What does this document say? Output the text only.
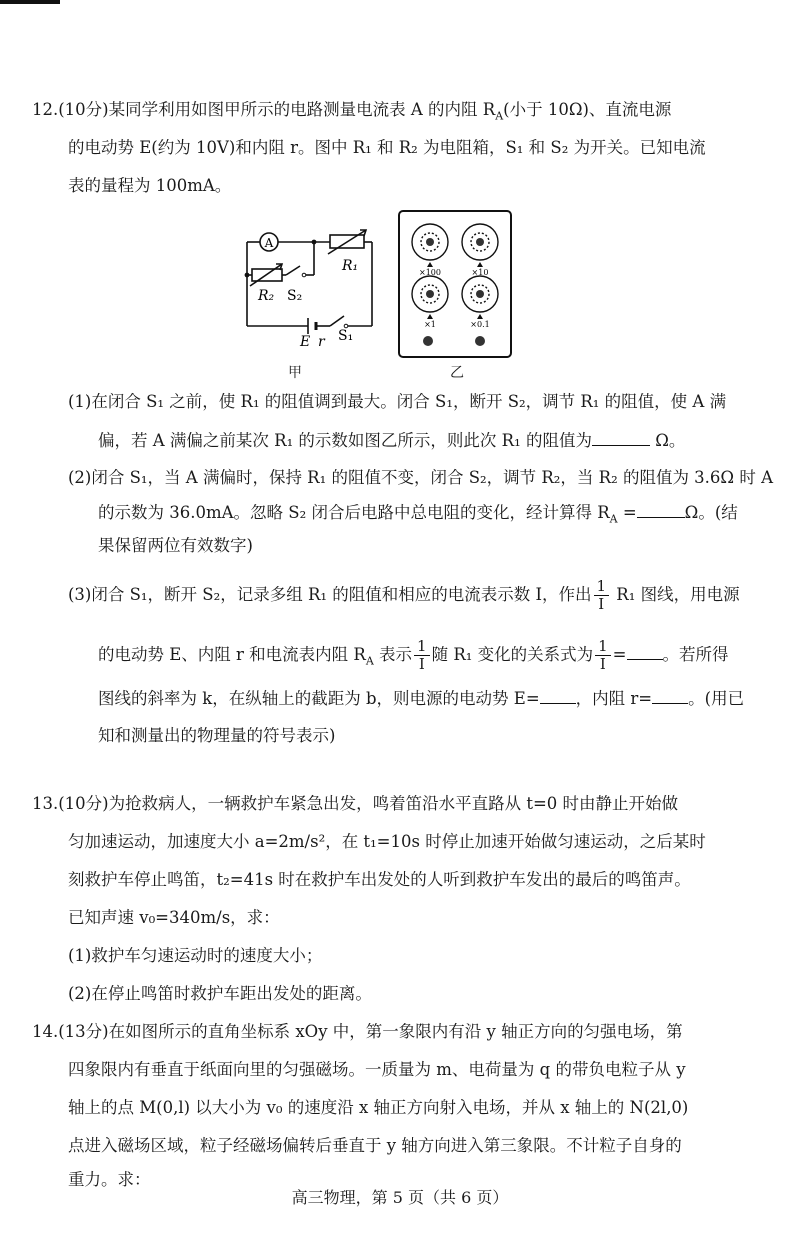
12.(10分)某同学利用如图甲所示的电路测量电流表 A 的内阻 $R_A$(小于 10Ω)、直流电源
的电动势 E(约为 10V)和内阻 r。图中 R₁ 和 R₂ 为电阻箱，S₁ 和 S₂ 为开关。已知电流
表的量程为 100mA。
A
R₁
R₂ S₂
E r S₁
甲
×100	×10
×1	×0.1
乙
(1)在闭合 S₁ 之前，使 R₁ 的阻值调到最大。闭合 S₁，断开 S₂，调节 R₁ 的阻值，使 A 满
偏，若 A 满偏之前某次 R₁ 的示数如图乙所示，则此次 R₁ 的阻值为	Ω。
(2)闭合 S₁，当 A 满偏时，保持 R₁ 的阻值不变，闭合 S₂，调节 R₂，当 R₂ 的阻值为 3.6Ω 时 A
的示数为 36.0mA。忽略 S₂ 闭合后电路中总电阻的变化，经计算得 $R_A$ =	Ω。(结
果保留两位有效数字)
(3)闭合 S₁，断开 S₂，记录多组 R₁ 的阻值和相应的电流表示数 I，作出 $\frac{1}{I} R_1$ 图线，用电源
的电动势 E、内阻 r 和电流表内阻 $R_A$ 表示 $\frac{1}{I}$ 随 R₁ 变化的关系式为 $\frac{1}{I}$ = 。若所得
图线的斜率为 k，在纵轴上的截距为 b，则电源的电动势 E= ，内阻 r= 。(用已
知和测量出的物理量的符号表示)
13.(10分)为抢救病人，一辆救护车紧急出发，鸣着笛沿水平直路从 t=0 时由静止开始做
匀加速运动，加速度大小 a=2m/s²，在 t₁=10s 时停止加速开始做匀速运动，之后某时
刻救护车停止鸣笛，t₂=41s 时在救护车出发处的人听到救护车发出的最后的鸣笛声。
已知声速 v₀=340m/s，求：
(1)救护车匀速运动时的速度大小；
(2)在停止鸣笛时救护车距出发处的距离。
14.(13分)在如图所示的直角坐标系 xOy 中，第一象限内有沿 y 轴正方向的匀强电场，第
四象限内有垂直于纸面向里的匀强磁场。一质量为 m、电荷量为 q 的带负电粒子从 y
轴上的点 M(0,l) 以大小为 v₀ 的速度沿 x 轴正方向射入电场，并从 x 轴上的 N(2l,0)
点进入磁场区域，粒子经磁场偏转后垂直于 y 轴方向进入第三象限。不计粒子自身的
重力。求：
高三物理，第 5 页（共 6 页）
